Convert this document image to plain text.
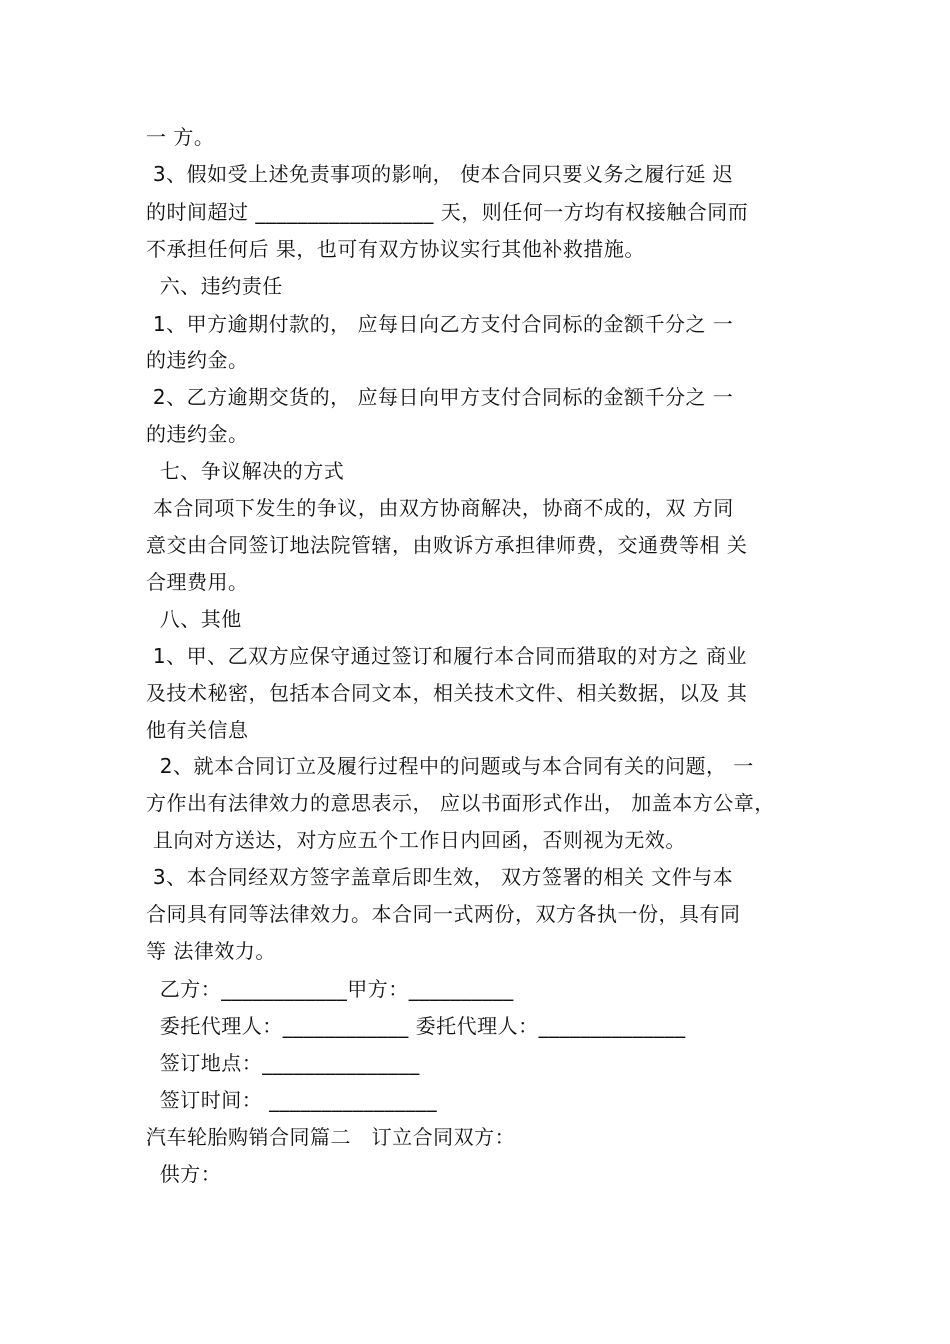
一 方。
3、假如受上述免责事项的影响， 使本合同只要义务之履行延 迟
的时间超过 _________________ 天，则任何一方均有权接触合同而
不承担任何后 果，也可有双方协议实行其他补救措施。
六、违约责任
1、甲方逾期付款的， 应每日向乙方支付合同标的金额千分之 一
的违约金。
2、乙方逾期交货的， 应每日向甲方支付合同标的金额千分之 一
的违约金。
七、争议解决的方式
本合同项下发生的争议，由双方协商解决，协商不成的，双 方同
意交由合同签订地法院管辖，由败诉方承担律师费，交通费等相 关
合理费用。
八、其他
1、甲、乙双方应保守通过签订和履行本合同而猎取的对方之 商业
及技术秘密，包括本合同文本，相关技术文件、相关数据，以及 其
他有关信息
2、就本合同订立及履行过程中的问题或与本合同有关的问题， 一
方作出有法律效力的意思表示， 应以书面形式作出， 加盖本方公章，
且向对方送达，对方应五个工作日内回函，否则视为无效。
3、本合同经双方签字盖章后即生效， 双方签署的相关 文件与本
合同具有同等法律效力。本合同一式两份，双方各执一份，具有同
等 法律效力。
乙方：____________甲方：__________
委托代理人：____________ 委托代理人：______________
签订地点：_______________
签订时间： ________________
汽车轮胎购销合同篇二   订立合同双方：
供方：
